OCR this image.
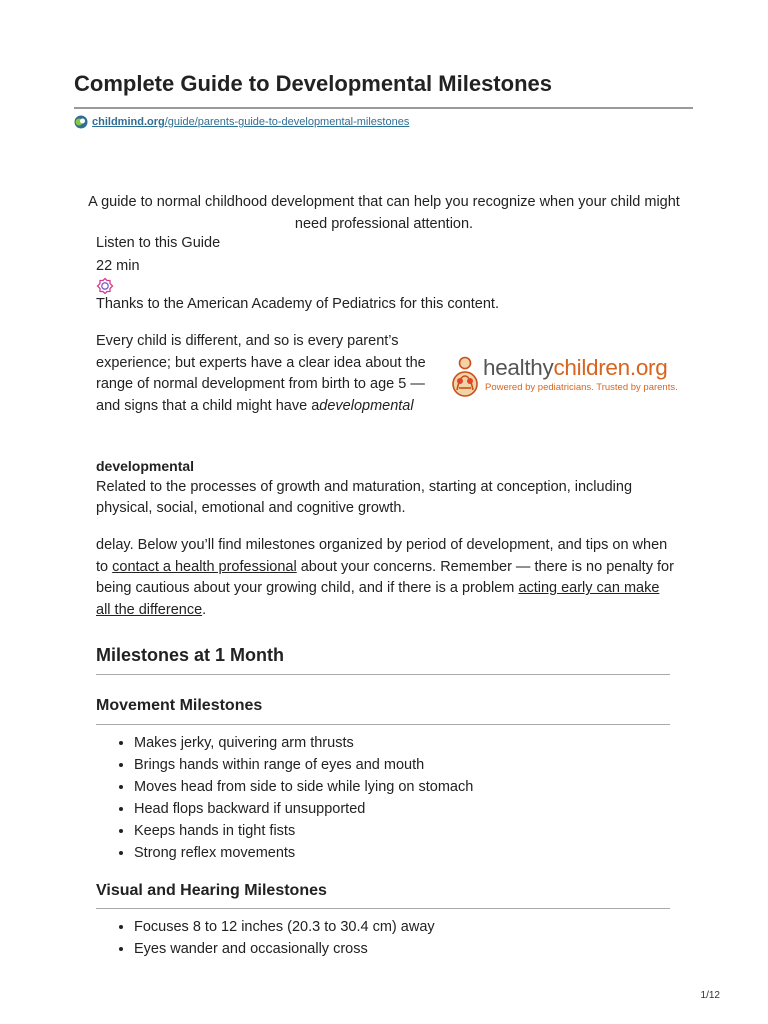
Complete Guide to Developmental Milestones
childmind.org /guide/parents-guide-to-developmental-milestones

A guide to normal childhood development that can help you recognize when your child might need professional attention.

Listen to this Guide

22 min

Thanks to the American Academy of Pediatrics for this content.

Every child is different, and so is every parent’s experience; but experts have a clear idea about the range of normal development from birth to age 5 — and signs that a child might have adevelopmental

healthychildren.org
Powered by pediatricians. Trusted by parents.

developmental

Related to the processes of growth and maturation, starting at conception, including physical, social, emotional and cognitive growth.

delay. Below you’ll find milestones organized by period of development, and tips on when to contact a health professional about your concerns. Remember — there is no penalty for being cautious about your growing child, and if there is a problem acting early can make all the difference.

Milestones at 1 Month
Movement Milestones
• Makes jerky, quivering arm thrusts
• Brings hands within range of eyes and mouth
• Moves head from side to side while lying on stomach
• Head flops backward if unsupported
• Keeps hands in tight fists
• Strong reflex movements
Visual and Hearing Milestones
• Focuses 8 to 12 inches (20.3 to 30.4 cm) away
• Eyes wander and occasionally cross
1/12
